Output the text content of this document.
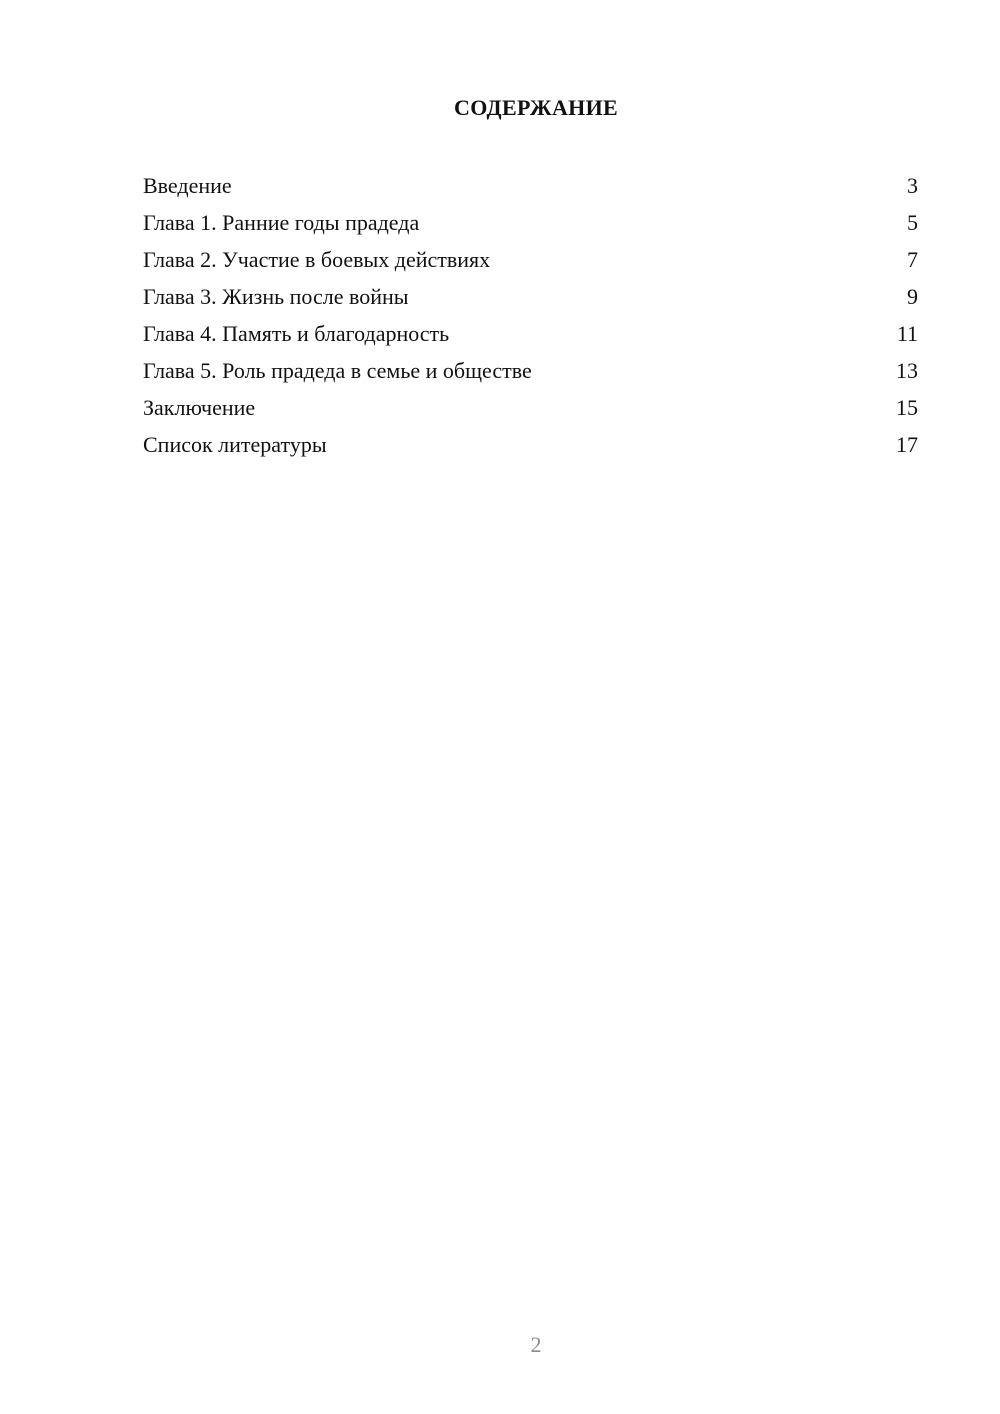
СОДЕРЖАНИЕ
Введение	3
Глава 1. Ранние годы прадеда	5
Глава 2. Участие в боевых действиях	7
Глава 3. Жизнь после войны	9
Глава 4. Память и благодарность	11
Глава 5. Роль прадеда в семье и обществе	13
Заключение	15
Список литературы	17
2
